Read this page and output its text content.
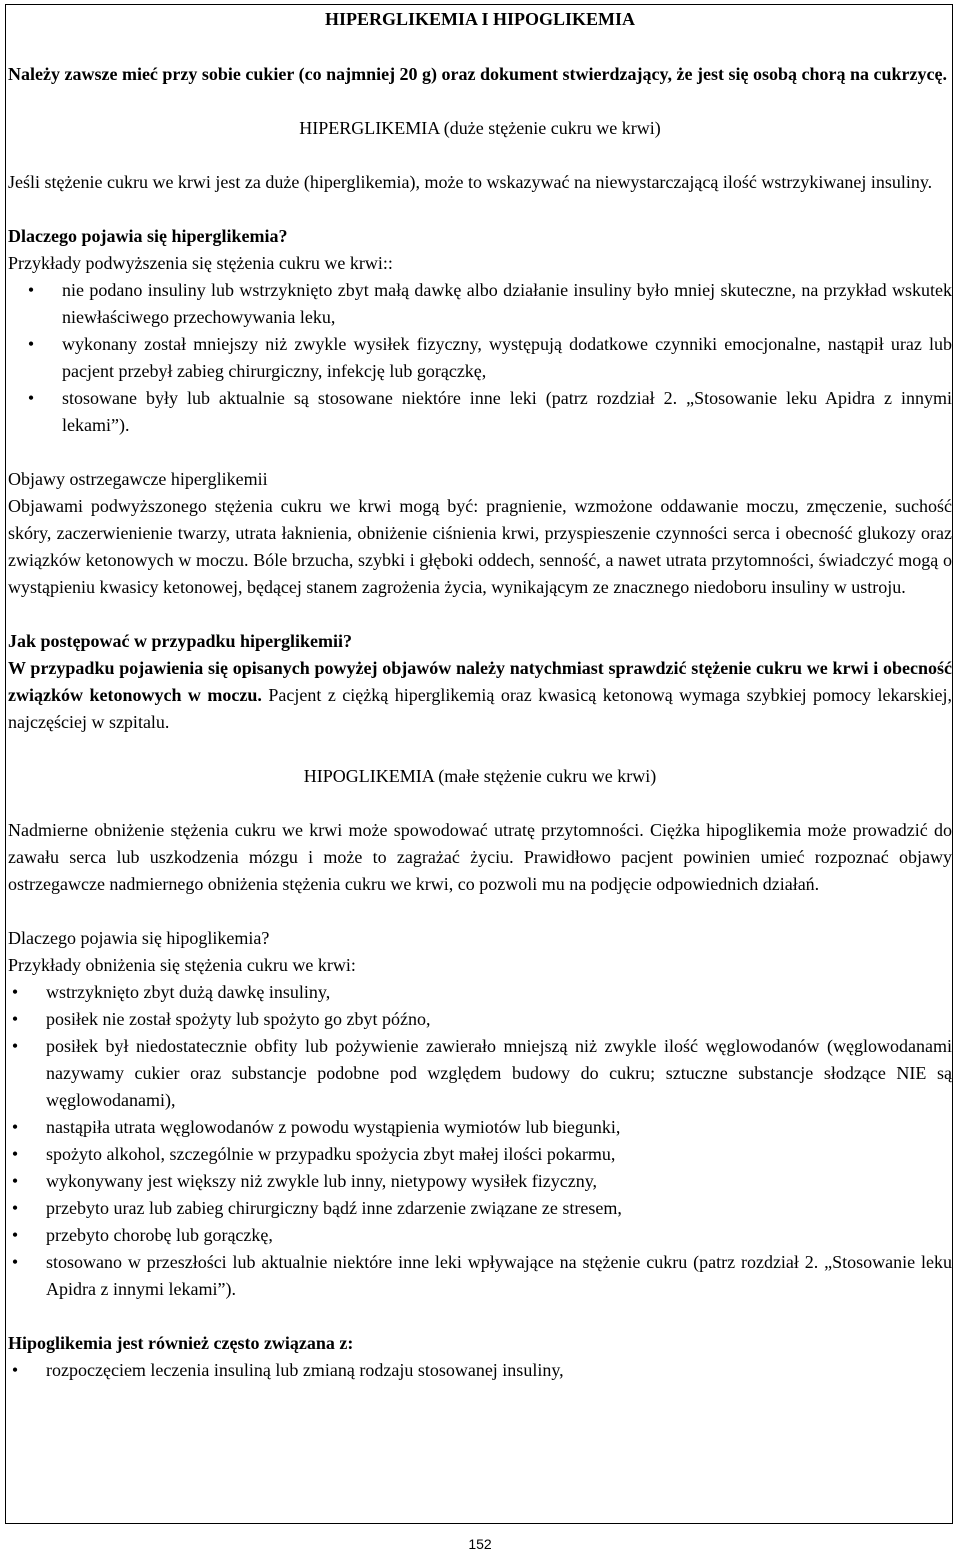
HIPERGLIKEMIA I HIPOGLIKEMIA

Należy zawsze mieć przy sobie cukier (co najmniej 20 g) oraz dokument stwierdzający, że jest się osobą chorą na cukrzycę.

HIPERGLIKEMIA (duże stężenie cukru we krwi)

Jeśli stężenie cukru we krwi jest za duże (hiperglikemia), może to wskazywać na niewystarczającą ilość wstrzykiwanej insuliny.

Dlaczego pojawia się hiperglikemia?

Przykłady podwyższenia się stężenia cukru we krwi::

• nie podano insuliny lub wstrzyknięto zbyt małą dawkę albo działanie insuliny było mniej skuteczne, na przykład wskutek niewłaściwego przechowywania leku,
• wykonany został mniejszy niż zwykle wysiłek fizyczny, występują dodatkowe czynniki emocjonalne, nastąpił uraz lub pacjent przebył zabieg chirurgiczny, infekcję lub gorączkę,
• stosowane były lub aktualnie są stosowane niektóre inne leki (patrz rozdział 2. „Stosowanie leku Apidra z innymi lekami”).

Objawy ostrzegawcze hiperglikemii

Objawami podwyższonego stężenia cukru we krwi mogą być: pragnienie, wzmożone oddawanie moczu, zmęczenie, suchość skóry, zaczerwienienie twarzy, utrata łaknienia, obniżenie ciśnienia krwi, przyspieszenie czynności serca i obecność glukozy oraz związków ketonowych w moczu. Bóle brzucha, szybki i głęboki oddech, senność, a nawet utrata przytomności, świadczyć mogą o wystąpieniu kwasicy ketonowej, będącej stanem zagrożenia życia, wynikającym ze znacznego niedoboru insuliny w ustroju.

Jak postępować w przypadku hiperglikemii?

W przypadku pojawienia się opisanych powyżej objawów należy natychmiast sprawdzić stężenie cukru we krwi i obecność związków ketonowych w moczu. Pacjent z ciężką hiperglikemią oraz kwasicą ketonową wymaga szybkiej pomocy lekarskiej, najczęściej w szpitalu.

HIPOGLIKEMIA (małe stężenie cukru we krwi)

Nadmierne obniżenie stężenia cukru we krwi może spowodować utratę przytomności. Ciężka hipoglikemia może prowadzić do zawału serca lub uszkodzenia mózgu i może to zagrażać życiu. Prawidłowo pacjent powinien umieć rozpoznać objawy ostrzegawcze nadmiernego obniżenia stężenia cukru we krwi, co pozwoli mu na podjęcie odpowiednich działań.

Dlaczego pojawia się hipoglikemia?

Przykłady obniżenia się stężenia cukru we krwi:

• wstrzyknięto zbyt dużą dawkę insuliny,
• posiłek nie został spożyty lub spożyto go zbyt późno,
• posiłek był niedostatecznie obfity lub pożywienie zawierało mniejszą niż zwykle ilość węglowodanów (węglowodanami nazywamy cukier oraz substancje podobne pod względem budowy do cukru; sztuczne substancje słodzące NIE są węglowodanami),
• nastąpiła utrata węglowodanów z powodu wystąpienia wymiotów lub biegunki,
• spożyto alkohol, szczególnie w przypadku spożycia zbyt małej ilości pokarmu,
• wykonywany jest większy niż zwykle lub inny, nietypowy wysiłek fizyczny,
• przebyto uraz lub zabieg chirurgiczny bądź inne zdarzenie związane ze stresem,
• przebyto chorobę lub gorączkę,
• stosowano w przeszłości lub aktualnie niektóre inne leki wpływające na stężenie cukru (patrz rozdział 2. „Stosowanie leku Apidra z innymi lekami”).

Hipoglikemia jest również często związana z:

• rozpoczęciem leczenia insuliną lub zmianą rodzaju stosowanej insuliny,
152
